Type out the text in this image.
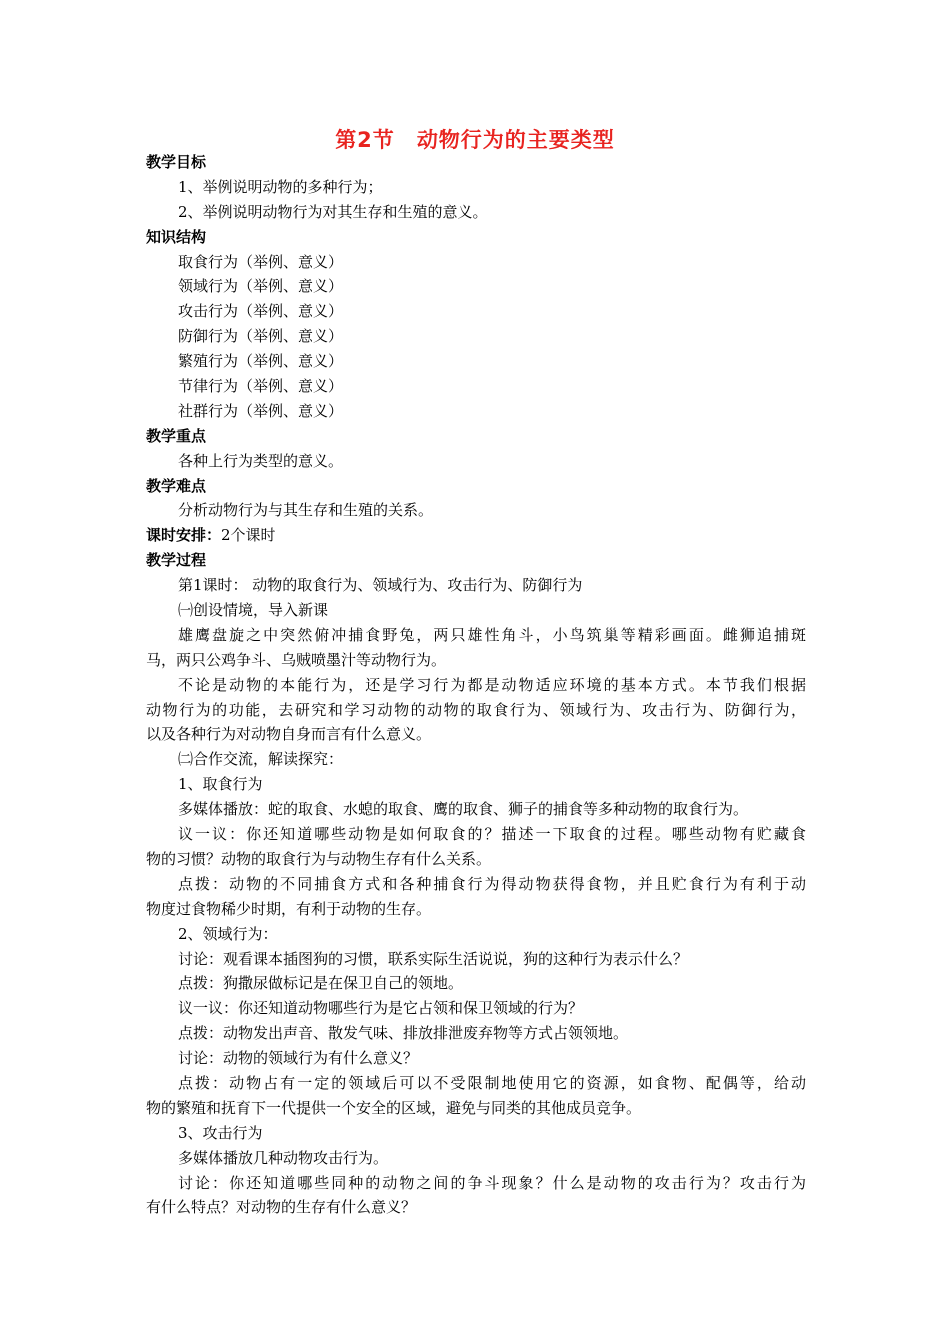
第2节 动物行为的主要类型
教学目标
1、举例说明动物的多种行为；
2、举例说明动物行为对其生存和生殖的意义。
知识结构
取食行为（举例、意义）
领域行为（举例、意义）
攻击行为（举例、意义）
防御行为（举例、意义）
繁殖行为（举例、意义）
节律行为（举例、意义）
社群行为（举例、意义）
教学重点
各种上行为类型的意义。
教学难点
分析动物行为与其生存和生殖的关系。
课时安排：2个课时
教学过程
第1课时： 动物的取食行为、领域行为、攻击行为、防御行为
㈠创设情境，导入新课
雄鹰盘旋之中突然俯冲捕食野兔，两只雄性角斗，小鸟筑巢等精彩画面。雌狮追捕斑
马，两只公鸡争斗、乌贼喷墨汁等动物行为。
不论是动物的本能行为，还是学习行为都是动物适应环境的基本方式。本节我们根据
动物行为的功能，去研究和学习动物的动物的取食行为、领域行为、攻击行为、防御行为，
以及各种行为对动物自身而言有什么意义。
㈡合作交流，解读探究：
1、取食行为
多媒体播放：蛇的取食、水螅的取食、鹰的取食、狮子的捕食等多种动物的取食行为。
议一议：你还知道哪些动物是如何取食的？描述一下取食的过程。哪些动物有贮藏食
物的习惯？动物的取食行为与动物生存有什么关系。
点拨：动物的不同捕食方式和各种捕食行为得动物获得食物，并且贮食行为有利于动
物度过食物稀少时期，有利于动物的生存。
2、领域行为：
讨论：观看课本插图狗的习惯，联系实际生活说说，狗的这种行为表示什么？
点拨：狗撒尿做标记是在保卫自己的领地。
议一议：你还知道动物哪些行为是它占领和保卫领域的行为？
点拨：动物发出声音、散发气味、排放排泄废弃物等方式占领领地。
讨论：动物的领域行为有什么意义？
点拨：动物占有一定的领域后可以不受限制地使用它的资源，如食物、配偶等，给动
物的繁殖和抚育下一代提供一个安全的区域，避免与同类的其他成员竞争。
3、攻击行为
多媒体播放几种动物攻击行为。
讨论：你还知道哪些同种的动物之间的争斗现象？什么是动物的攻击行为？攻击行为
有什么特点？对动物的生存有什么意义？
